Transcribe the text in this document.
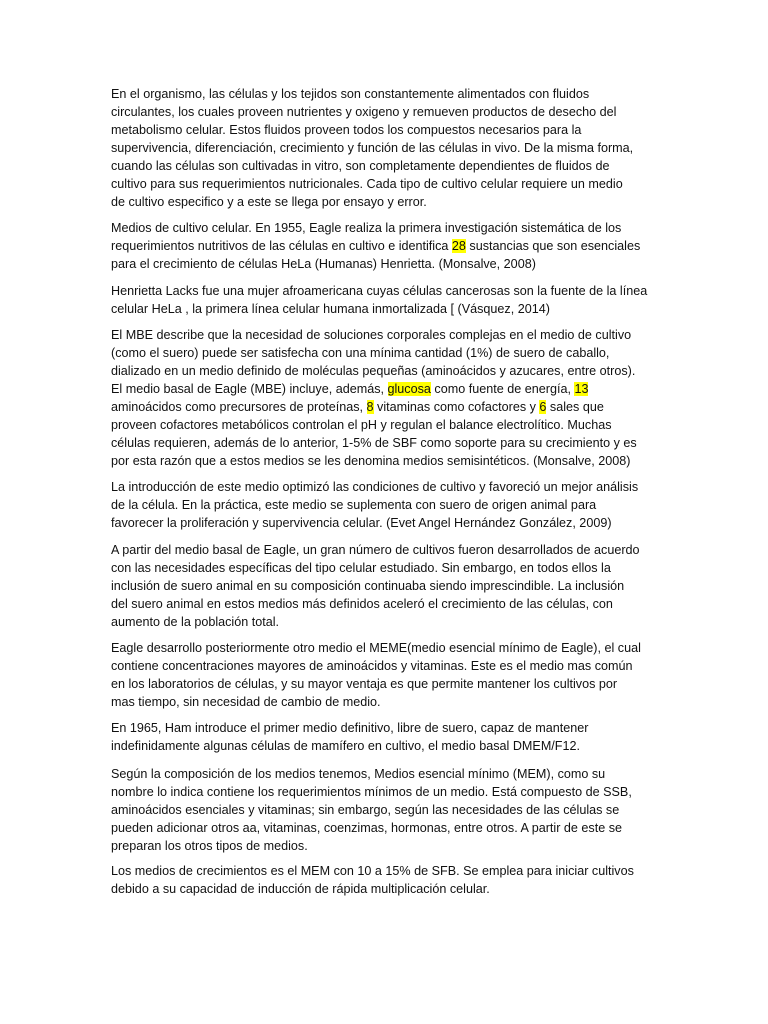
En el organismo, las células y los tejidos son constantemente alimentados con fluidos
circulantes, los cuales proveen nutrientes y oxigeno y remueven productos de desecho del
metabolismo celular. Estos fluidos proveen todos los compuestos necesarios para la
supervivencia, diferenciación, crecimiento y función de las células in vivo. De la misma forma,
cuando las células son cultivadas in vitro, son completamente dependientes de fluidos de
cultivo para sus requerimientos nutricionales. Cada tipo de cultivo celular requiere un medio
de cultivo especifico y a este se llega por ensayo y error.
Medios de cultivo celular. En 1955, Eagle realiza la primera investigación sistemática de los
requerimientos nutritivos de las células en cultivo e identifica 28 sustancias que son esenciales
para el crecimiento de células HeLa (Humanas) Henrietta. (Monsalve, 2008)
Henrietta Lacks fue una mujer afroamericana cuyas células cancerosas son la fuente de la línea
celular HeLa , la primera línea celular humana inmortalizada [ (Vásquez, 2014)
El MBE describe que la necesidad de soluciones corporales complejas en el medio de cultivo
(como el suero) puede ser satisfecha con una mínima cantidad (1%) de suero de caballo,
dializado en un medio definido de moléculas pequeñas (aminoácidos y azucares, entre otros).
El medio basal de Eagle (MBE) incluye, además, glucosa como fuente de energía, 13
aminoácidos como precursores de proteínas, 8 vitaminas como cofactores y 6 sales que
proveen cofactores metabólicos controlan el pH y regulan el balance electrolítico. Muchas
células requieren, además de lo anterior, 1-5% de SBF como soporte para su crecimiento y es
por esta razón que a estos medios se les denomina medios semisintéticos. (Monsalve, 2008)
La introducción de este medio optimizó las condiciones de cultivo y favoreció un mejor análisis
de la célula. En la práctica, este medio se suplementa con suero de origen animal para
favorecer la proliferación y supervivencia celular. (Evet Angel Hernández González, 2009)
A partir del medio basal de Eagle, un gran número de cultivos fueron desarrollados de acuerdo
con las necesidades específicas del tipo celular estudiado. Sin embargo, en todos ellos la
inclusión de suero animal en su composición continuaba siendo imprescindible. La inclusión
del suero animal en estos medios más definidos aceleró el crecimiento de las células, con
aumento de la población total.
Eagle desarrollo posteriormente otro medio el MEME(medio esencial mínimo de Eagle), el cual
contiene concentraciones mayores de aminoácidos y vitaminas. Este es el medio mas común
en los laboratorios de células, y su mayor ventaja es que permite mantener los cultivos por
mas tiempo, sin necesidad de cambio de medio.
En 1965, Ham introduce el primer medio definitivo, libre de suero, capaz de mantener
indefinidamente algunas células de mamífero en cultivo, el medio basal DMEM/F12.
Según la composición de los medios tenemos, Medios esencial mínimo (MEM), como su
nombre lo indica contiene los requerimientos mínimos de un medio. Está compuesto de SSB,
aminoácidos esenciales y vitaminas; sin embargo, según las necesidades de las células se
pueden adicionar otros aa, vitaminas, coenzimas, hormonas, entre otros. A partir de este se
preparan los otros tipos de medios.
Los medios de crecimientos es el MEM con 10 a 15% de SFB. Se emplea para iniciar cultivos
debido a su capacidad de inducción de rápida multiplicación celular.
